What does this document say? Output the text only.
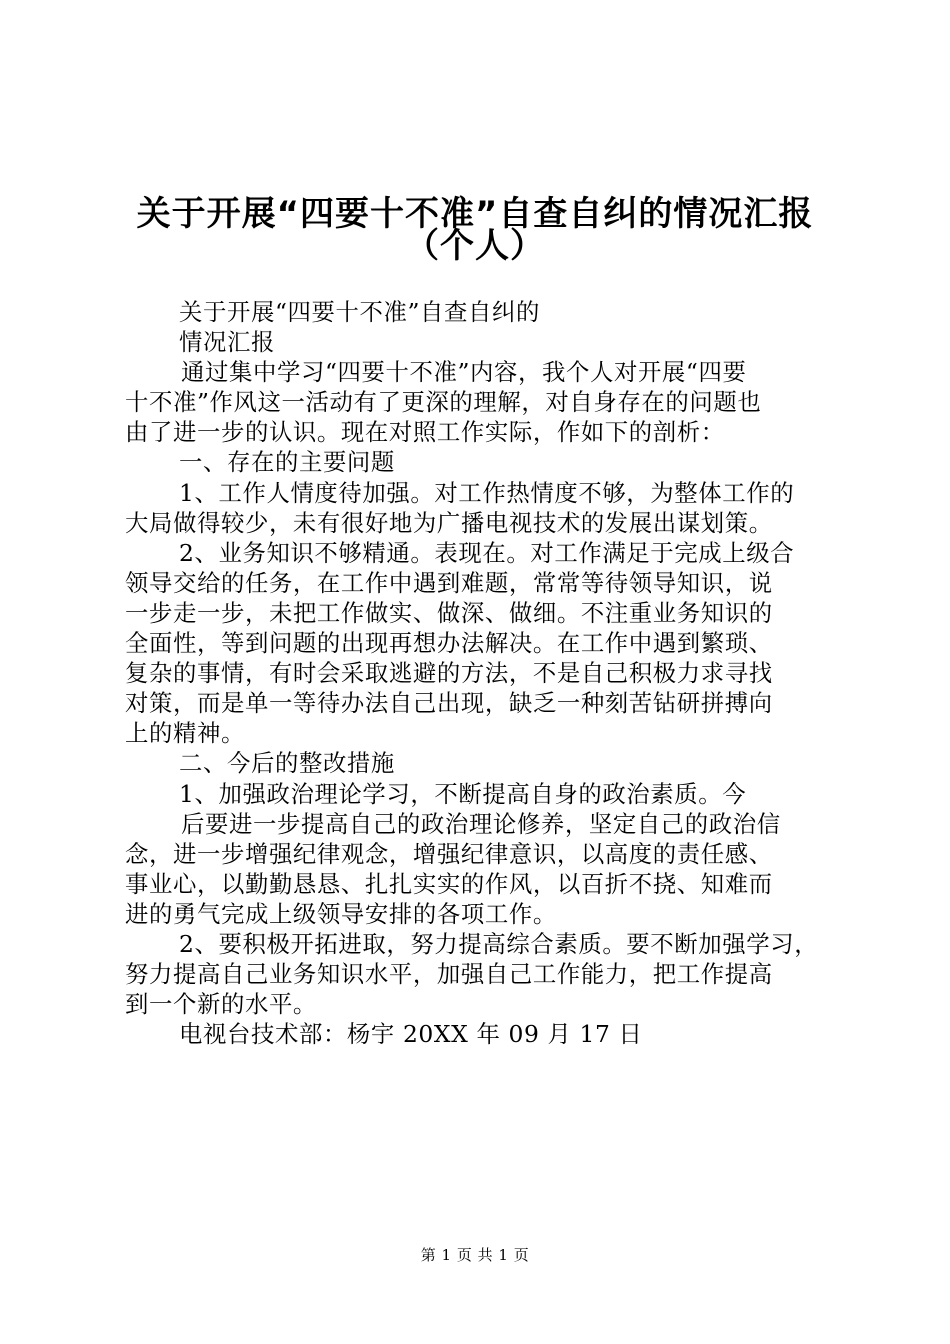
关于开展“四要十不准”自查自纠的情况汇报
（个人）

关于开展“四要十不准”自查自纠的

情况汇报

通过集中学习“四要十不准”内容，我个人对开展“四要

十不准”作风这一活动有了更深的理解，对自身存在的问题也

由了进一步的认识。现在对照工作实际，作如下的剖析：

一、存在的主要问题

1、工作人情度待加强。对工作热情度不够，为整体工作的

大局做得较少，未有很好地为广播电视技术的发展出谋划策。

2、业务知识不够精通。表现在。对工作满足于完成上级合

领导交给的任务，在工作中遇到难题，常常等待领导知识，说

一步走一步，未把工作做实、做深、做细。不注重业务知识的

全面性，等到问题的出现再想办法解决。在工作中遇到繁琐、

复杂的事情，有时会采取逃避的方法，不是自己积极力求寻找

对策，而是单一等待办法自己出现，缺乏一种刻苦钻研拼搏向

上的精神。

二、今后的整改措施

1、加强政治理论学习，不断提高自身的政治素质。今

后要进一步提高自己的政治理论修养，坚定自己的政治信

念，进一步增强纪律观念，增强纪律意识，以高度的责任感、

事业心，以勤勤恳恳、扎扎实实的作风，以百折不挠、知难而

进的勇气完成上级领导安排的各项工作。

2、要积极开拓进取，努力提高综合素质。要不断加强学习，

努力提高自己业务知识水平，加强自己工作能力，把工作提高

到一个新的水平。

电视台技术部：杨宇 20XX 年 09 月 17 日

第 1 页 共 1 页
